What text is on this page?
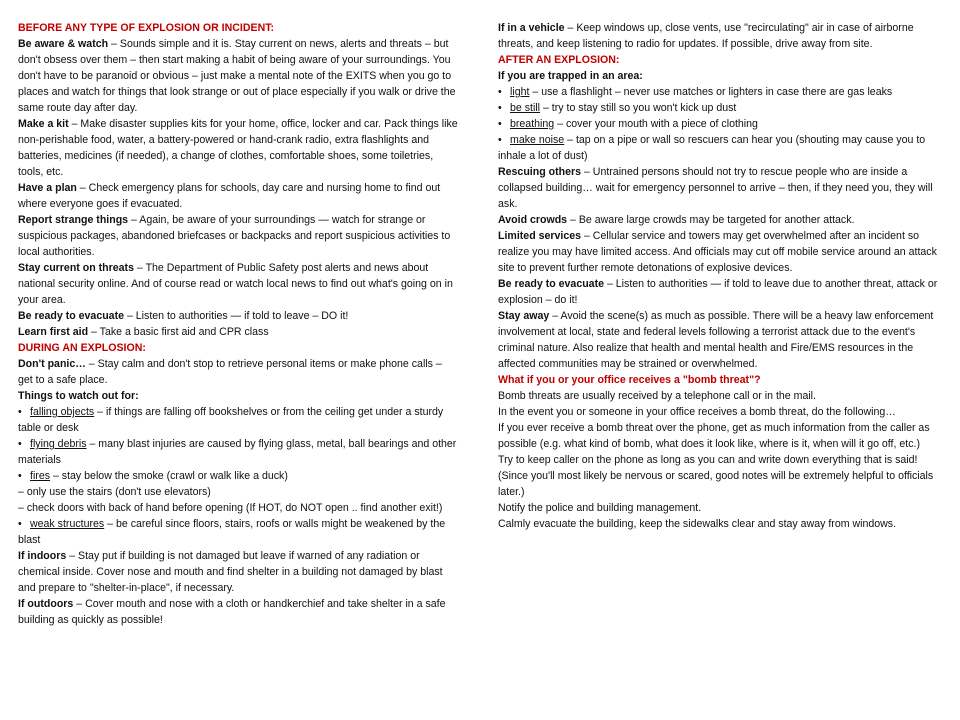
BEFORE ANY TYPE OF EXPLOSION OR INCIDENT:

Be aware & watch – Sounds simple and it is. Stay current on news, alerts and threats – but don't obsess over them – then start making a habit of being aware of your surroundings. You don't have to be paranoid or obvious – just make a mental note of the EXITS when you go to places and watch for things that look strange or out of place especially if you walk or drive the same route day after day.

Make a kit – Make disaster supplies kits for your home, office, locker and car. Pack things like non-perishable food, water, a battery-powered or hand-crank radio, extra flashlights and batteries, medicines (if needed), a change of clothes, comfortable shoes, some toiletries, tools, etc.

Have a plan – Check emergency plans for schools, day care and nursing home to find out where everyone goes if evacuated.

Report strange things – Again, be aware of your surroundings — watch for strange or suspicious packages, abandoned briefcases or backpacks and report suspicious activities to local authorities.

Stay current on threats – The Department of Public Safety post alerts and news about national security online. And of course read or watch local news to find out what's going on in your area.

Be ready to evacuate – Listen to authorities — if told to leave – DO it!

Learn first aid – Take a basic first aid and CPR class

DURING AN EXPLOSION:

Don't panic… – Stay calm and don't stop to retrieve personal items or make phone calls – get to a safe place.

Things to watch out for:

• falling objects – if things are falling off bookshelves or from the ceiling get under a sturdy table or desk

• flying debris – many blast injuries are caused by flying glass, metal, ball bearings and other materials

• fires – stay below the smoke (crawl or walk like a duck)

– only use the stairs (don't use elevators)

– check doors with back of hand before opening (If HOT, do NOT open .. find another exit!)

• weak structures – be careful since floors, stairs, roofs or walls might be weakened by the blast

If indoors – Stay put if building is not damaged but leave if warned of any radiation or chemical inside. Cover nose and mouth and find shelter in a building not damaged by blast and prepare to "shelter-in-place", if necessary.

If outdoors – Cover mouth and nose with a cloth or handkerchief and take shelter in a safe building as quickly as possible!

If in a vehicle – Keep windows up, close vents, use "recirculating" air in case of airborne threats, and keep listening to radio for updates. If possible, drive away from site.

AFTER AN EXPLOSION:

If you are trapped in an area:

• light – use a flashlight – never use matches or lighters in case there are gas leaks

• be still – try to stay still so you won't kick up dust

• breathing – cover your mouth with a piece of clothing

• make noise – tap on a pipe or wall so rescuers can hear you (shouting may cause you to inhale a lot of dust)

Rescuing others – Untrained persons should not try to rescue people who are inside a collapsed building… wait for emergency personnel to arrive – then, if they need you, they will ask.

Avoid crowds – Be aware large crowds may be targeted for another attack.

Limited services – Cellular service and towers may get overwhelmed after an incident so realize you may have limited access. And officials may cut off mobile service around an attack site to prevent further remote detonations of explosive devices.

Be ready to evacuate – Listen to authorities — if told to leave due to another threat, attack or explosion – do it!

Stay away – Avoid the scene(s) as much as possible. There will be a heavy law enforcement involvement at local, state and federal levels following a terrorist attack due to the event's criminal nature. Also realize that health and mental health and Fire/EMS resources in the affected communities may be strained or overwhelmed.

What if you or your office receives a "bomb threat"?

Bomb threats are usually received by a telephone call or in the mail.

In the event you or someone in your office receives a bomb threat, do the following…

If you ever receive a bomb threat over the phone, get as much information from the caller as possible (e.g. what kind of bomb, what does it look like, where is it, when will it go off, etc.)

Try to keep caller on the phone as long as you can and write down everything that is said! (Since you'll most likely be nervous or scared, good notes will be extremely helpful to officials later.)

Notify the police and building management.

Calmly evacuate the building, keep the sidewalks clear and stay away from windows.
